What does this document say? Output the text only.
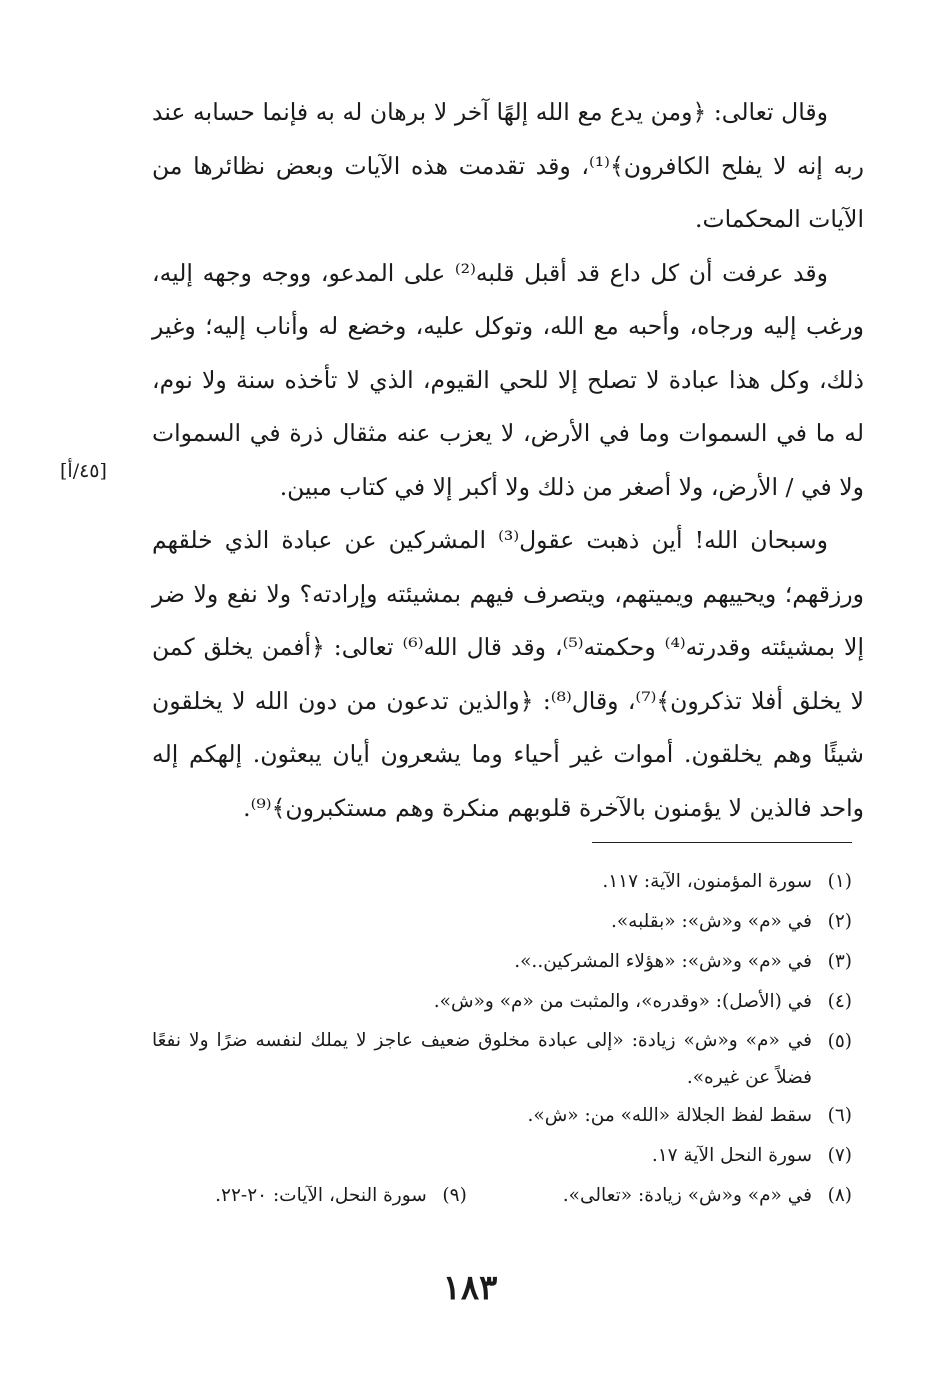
وقال تعالى: ﴿ومن يدع مع الله إلهًا آخر لا برهان له به فإنما حسابه عند ربه إنه لا يفلح الكافرون﴾⁽¹⁾، وقد تقدمت هذه الآيات وبعض نظائرها من الآيات المحكمات.

وقد عرفت أن كل داع قد أقبل قلبه⁽²⁾ على المدعو، ووجه وجهه إليه، ورغب إليه ورجاه، وأحبه مع الله، وتوكل عليه، وخضع له وأناب إليه؛ وغير ذلك، وكل هذا عبادة لا تصلح إلا للحي القيوم، الذي لا تأخذه سنة ولا نوم، له ما في السموات وما في الأرض، لا يعزب عنه مثقال ذرة في السموات ولا في / الأرض، ولا أصغر من ذلك ولا أكبر إلا في كتاب مبين.

وسبحان الله! أين ذهبت عقول⁽³⁾ المشركين عن عبادة الذي خلقهم ورزقهم؛ ويحييهم ويميتهم، ويتصرف فيهم بمشيئته وإرادته؟ ولا نفع ولا ضر إلا بمشيئته وقدرته⁽⁴⁾ وحكمته⁽⁵⁾، وقد قال الله⁽⁶⁾ تعالى: ﴿أفمن يخلق كمن لا يخلق أفلا تذكرون﴾⁽⁷⁾، وقال⁽⁸⁾: ﴿والذين تدعون من دون الله لا يخلقون شيئًا وهم يخلقون. أموات غير أحياء وما يشعرون أيان يبعثون. إلهكم إله واحد فالذين لا يؤمنون بالآخرة قلوبهم منكرة وهم مستكبرون﴾⁽⁹⁾.

[٤٥/أ]
(١)
سورة المؤمنون، الآية: ١١٧.
(٢)
في «م» و«ش»: «بقلبه».
(٣)
في «م» و«ش»: «هؤلاء المشركين..».
(٤)
في (الأصل): «وقدره»، والمثبت من «م» و«ش».
(٥)
في «م» و«ش» زيادة: «إلى عبادة مخلوق ضعيف عاجز لا يملك لنفسه ضرًا ولا نفعًا فضلاً عن غيره».
(٦)
سقط لفظ الجلالة «الله» من: «ش».
(٧)
سورة النحل الآية ١٧.
(٨)
في «م» و«ش» زيادة: «تعالى».
(٩)
سورة النحل، الآيات: ٢٠-٢٢.
١٨٣
